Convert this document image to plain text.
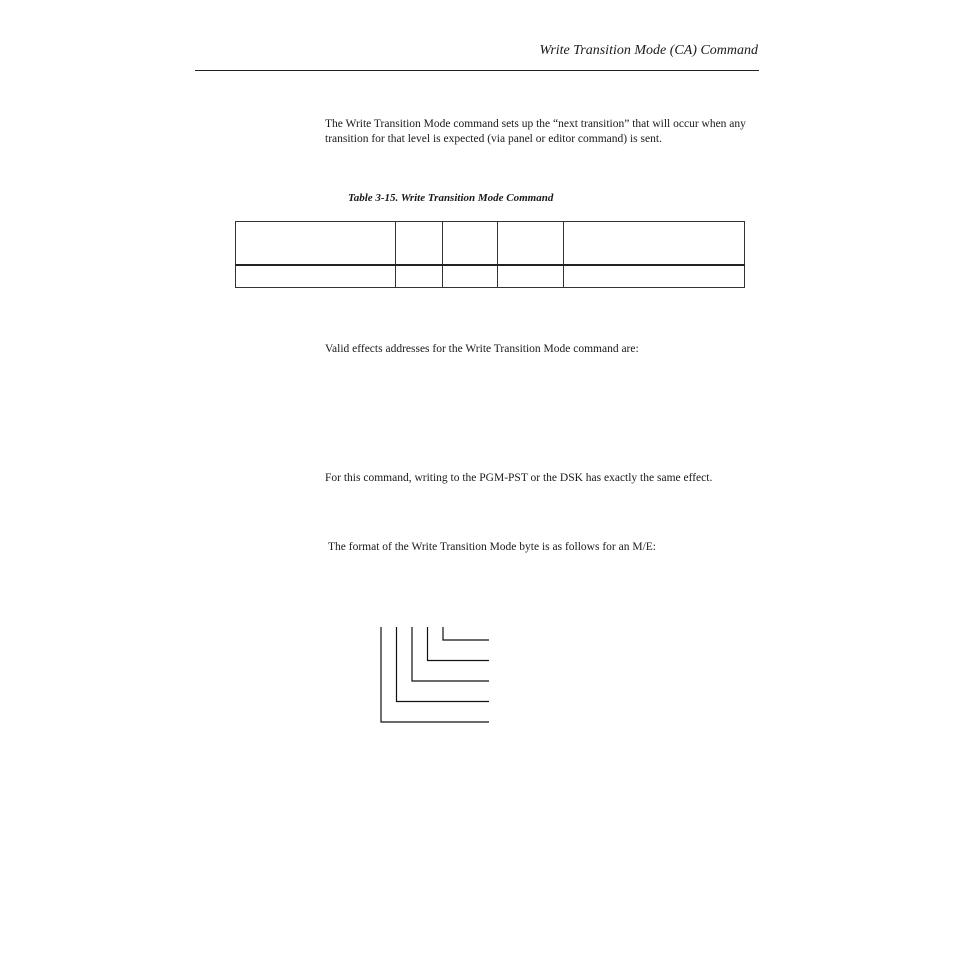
Write Transition Mode (CA) Command
The Write Transition Mode command sets up the “next transition” that will occur when any transition for that level is expected (via panel or editor command) is sent.
Table 3-15. Write Transition Mode Command

Valid effects addresses for the Write Transition Mode command are:
For this command, writing to the PGM-PST or the DSK has exactly the same effect.
The format of the Write Transition Mode byte is as follows for an M/E:
